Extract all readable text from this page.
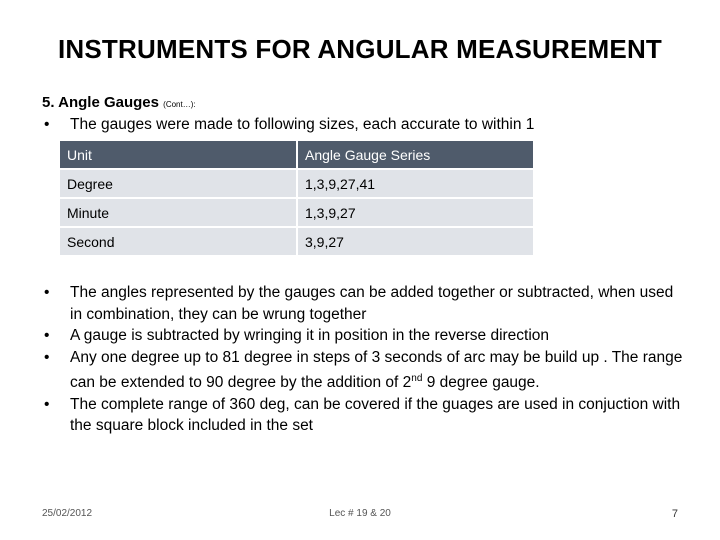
INSTRUMENTS FOR ANGULAR MEASUREMENT
5. Angle Gauges (Cont…):
• The gauges were made to following sizes, each accurate to within 1
Unit	Angle Gauge Series
Degree	1,3,9,27,41
Minute	1,3,9,27
Second	3,9,27
• The angles represented by the gauges can be added together or subtracted, when used in combination, they can be wrung together
• A gauge is subtracted by wringing it in position in the reverse direction
• Any one degree up to 81 degree in steps of 3 seconds of arc may be build up . The range can be extended to 90 degree by the addition of 2nd 9 degree gauge.
• The complete range of 360 deg, can be covered if the guages are used in conjuction with the square block included in the set
25/02/2012	Lec # 19 & 20	7
